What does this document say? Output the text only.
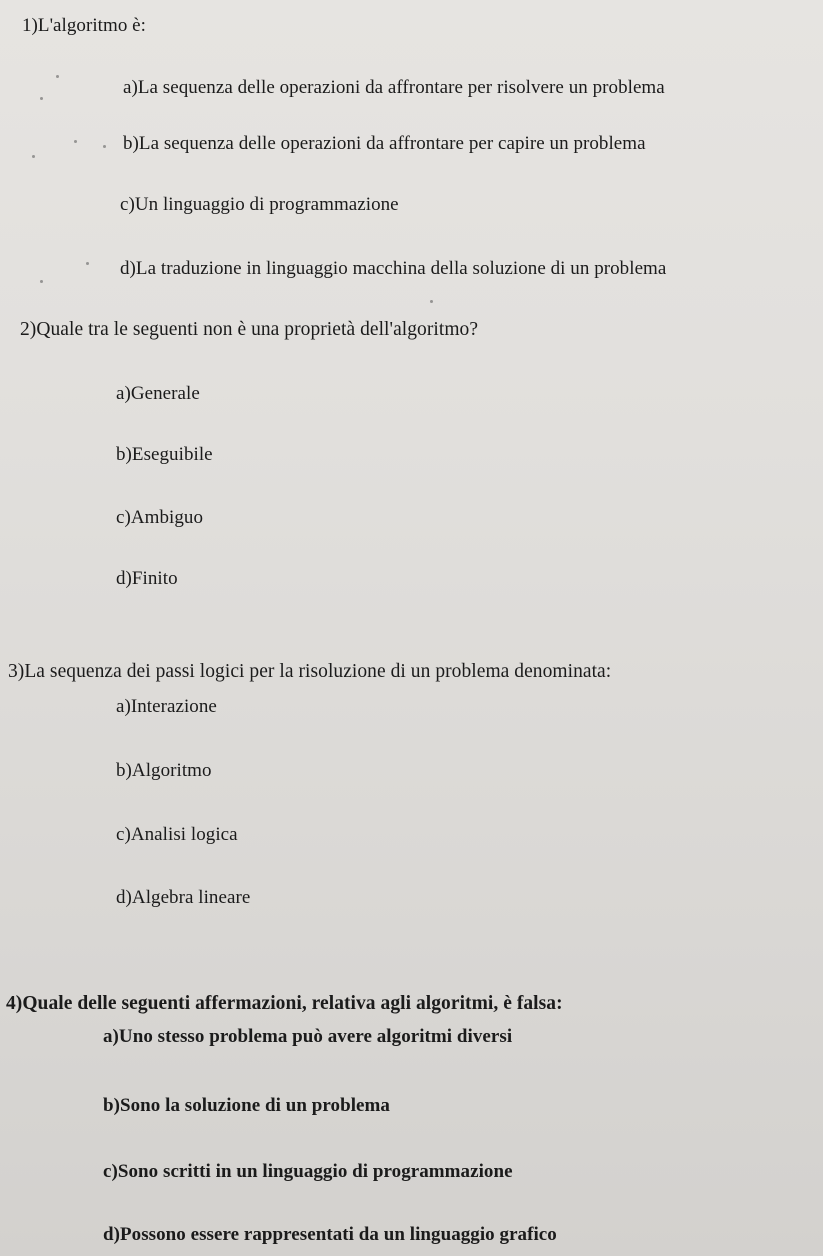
1)L'algoritmo è:
a)La sequenza delle operazioni da affrontare per risolvere un problema
b)La sequenza delle operazioni da affrontare per capire un problema
c)Un linguaggio di programmazione
d)La traduzione in linguaggio macchina della soluzione di un problema
2)Quale tra le seguenti non è una proprietà dell'algoritmo?
a)Generale
b)Eseguibile
c)Ambiguo
d)Finito
3)La sequenza dei passi logici per la risoluzione di un problema denominata:
a)Interazione
b)Algoritmo
c)Analisi logica
d)Algebra lineare
4)Quale delle seguenti affermazioni, relativa agli algoritmi, è falsa:
a)Uno stesso problema può avere algoritmi diversi
b)Sono la soluzione di un problema
c)Sono scritti in un linguaggio di programmazione
d)Possono essere rappresentati da un linguaggio grafico
